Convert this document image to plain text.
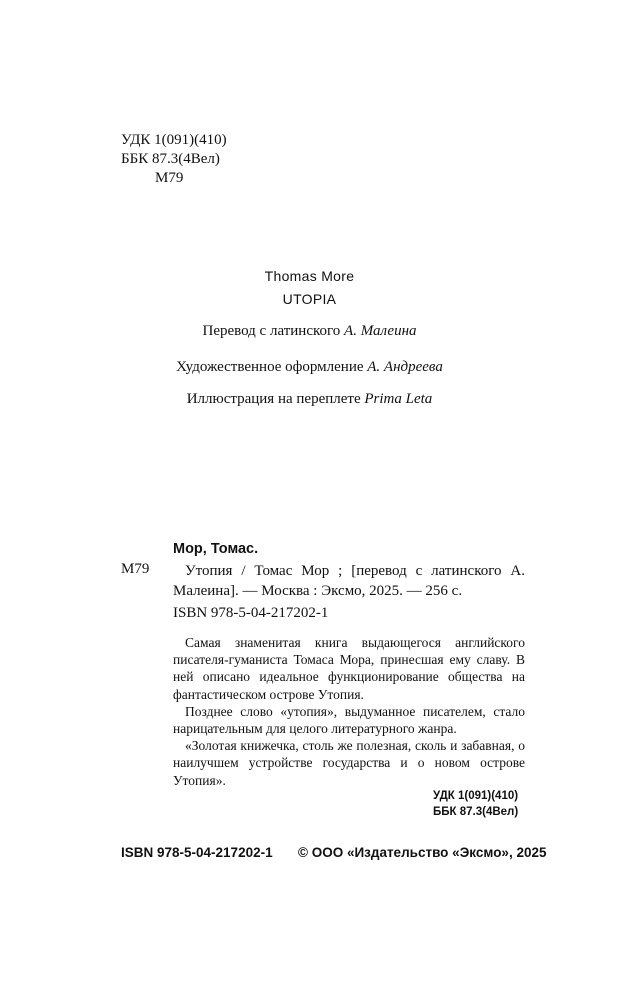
УДК 1(091)(410)
ББК 87.3(4Вел)
М79
Thomas More
UTOPIA
Перевод с латинского А. Малеина
Художественное оформление А. Андреева
Иллюстрация на переплете Prima Leta
Мор, Томас.
М79	Утопия / Томас Мор ; [перевод с латинского А. Малеина]. — Москва : Эксмо, 2025. — 256 с.
ISBN 978-5-04-217202-1

Самая знаменитая книга выдающегося английского писателя-гуманиста Томаса Мора, принесшая ему славу. В ней описано идеальное функционирование общества на фантастическом острове Утопия.

Позднее слово «утопия», выдуманное писателем, стало нарицательным для целого литературного жанра.

«Золотая книжечка, столь же полезная, сколь и забавная, о наилучшем устройстве государства и о новом острове Утопия».

УДК 1(091)(410)
ББК 87.3(4Вел)
ISBN 978-5-04-217202-1 © ООО «Издательство «Эксмо», 2025
